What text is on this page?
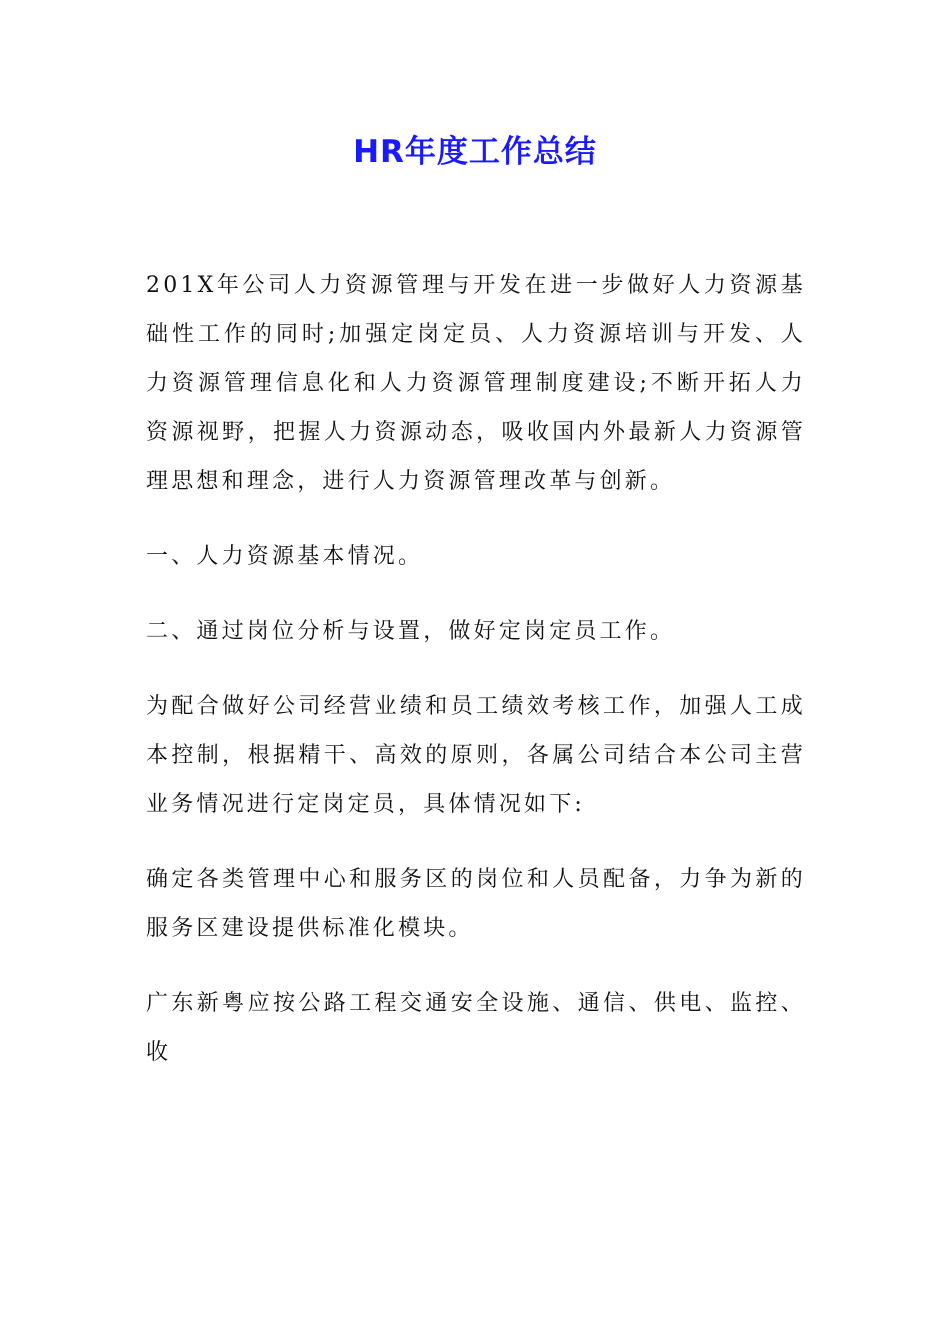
HR年度工作总结

201X年公司人力资源管理与开发在进一步做好人力资源基础性工作的同时;加强定岗定员、人力资源培训与开发、人力资源管理信息化和人力资源管理制度建设;不断开拓人力资源视野，把握人力资源动态，吸收国内外最新人力资源管理思想和理念，进行人力资源管理改革与创新。

一、人力资源基本情况。

二、通过岗位分析与设置，做好定岗定员工作。

为配合做好公司经营业绩和员工绩效考核工作，加强人工成本控制，根据精干、高效的原则，各属公司结合本公司主营业务情况进行定岗定员，具体情况如下:

确定各类管理中心和服务区的岗位和人员配备，力争为新的服务区建设提供标准化模块。

广东新粤应按公路工程交通安全设施、通信、供电、监控、收
